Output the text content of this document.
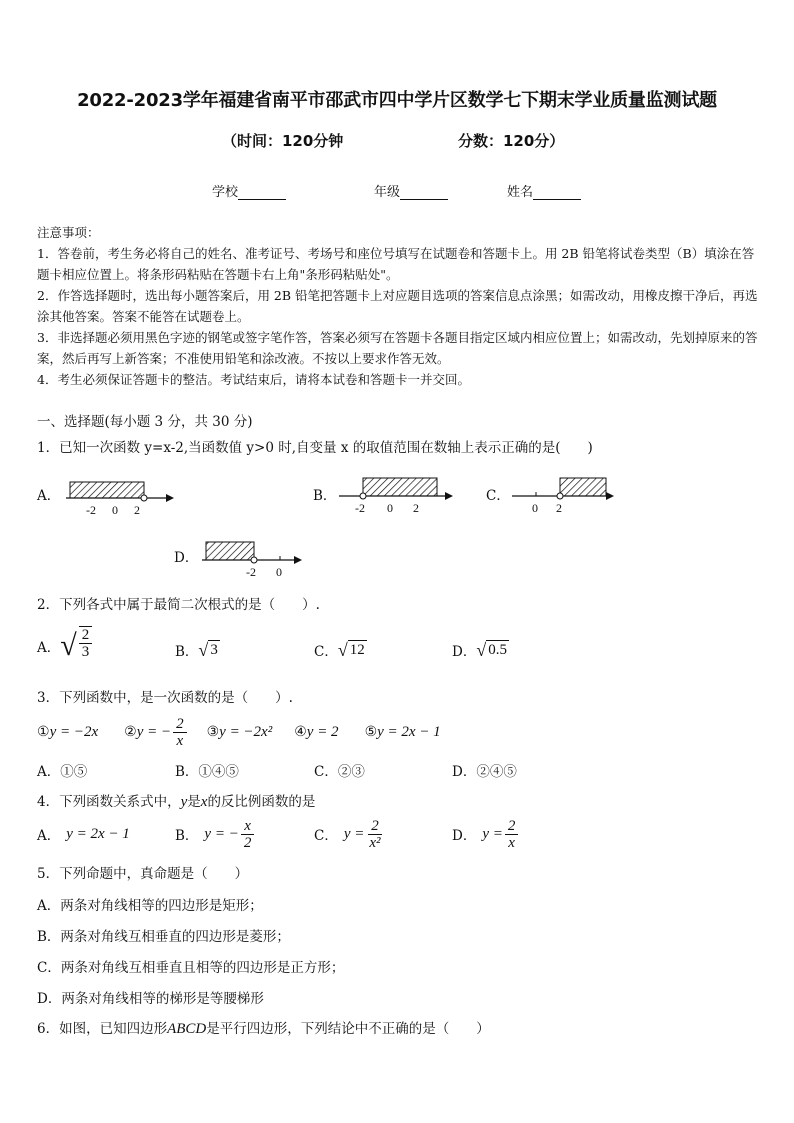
2022-2023学年福建省南平市邵武市四中学片区数学七下期末学业质量监测试题
（时间：120分钟	分数：120分）
学校	年级	姓名

注意事项：

1．答卷前，考生务必将自己的姓名、准考证号、考场号和座位号填写在试题卷和答题卡上。用 2B 铅笔将试卷类型（B）填涂在答题卡相应位置上。将条形码粘贴在答题卡右上角"条形码粘贴处"。

2．作答选择题时，选出每小题答案后，用 2B 铅笔把答题卡上对应题目选项的答案信息点涂黑；如需改动，用橡皮擦干净后，再选涂其他答案。答案不能答在试题卷上。

3．非选择题必须用黑色字迹的钢笔或签字笔作答，答案必须写在答题卡各题目指定区域内相应位置上；如需改动，先划掉原来的答案，然后再写上新答案；不准使用铅笔和涂改液。不按以上要求作答无效。

4．考生必须保证答题卡的整洁。考试结束后，请将本试卷和答题卡一并交回。

一、选择题(每小题 3 分，共 30 分)
1．已知一次函数 y=x-2,当函数值 y>0 时,自变量 x 的取值范围在数轴上表示正确的是(　　)
A．
-2 0 2
B．
-2 0 2
C．
0 2
D．
-2 0
2．下列各式中属于最简二次根式的是（　　）.
A． √ $\frac{2}{3}$	B． √ 3	C． √ 12	D． √ 0.5
3．下列函数中，是一次函数的是（　　）.
① y = −2x ② y = − $\frac{2}{x}$ ③ y = −2x² ④ y = 2 ⑤ y = 2x − 1
A．①⑤	B．①④⑤	C．②③	D．②④⑤
4．下列函数关系式中，y是x的反比例函数的是
A． y = 2x − 1	B． y = − $\frac{x}{2}$	C． $y = \frac{2}{\text{x²}}$	D． $y = \frac{2}{x}$
5．下列命题中，真命题是（　　）
A．两条对角线相等的四边形是矩形；
B．两条对角线互相垂直的四边形是菱形；
C．两条对角线互相垂直且相等的四边形是正方形；
D．两条对角线相等的梯形是等腰梯形
6．如图，已知四边形ABCD是平行四边形，下列结论中不正确的是（　　）
